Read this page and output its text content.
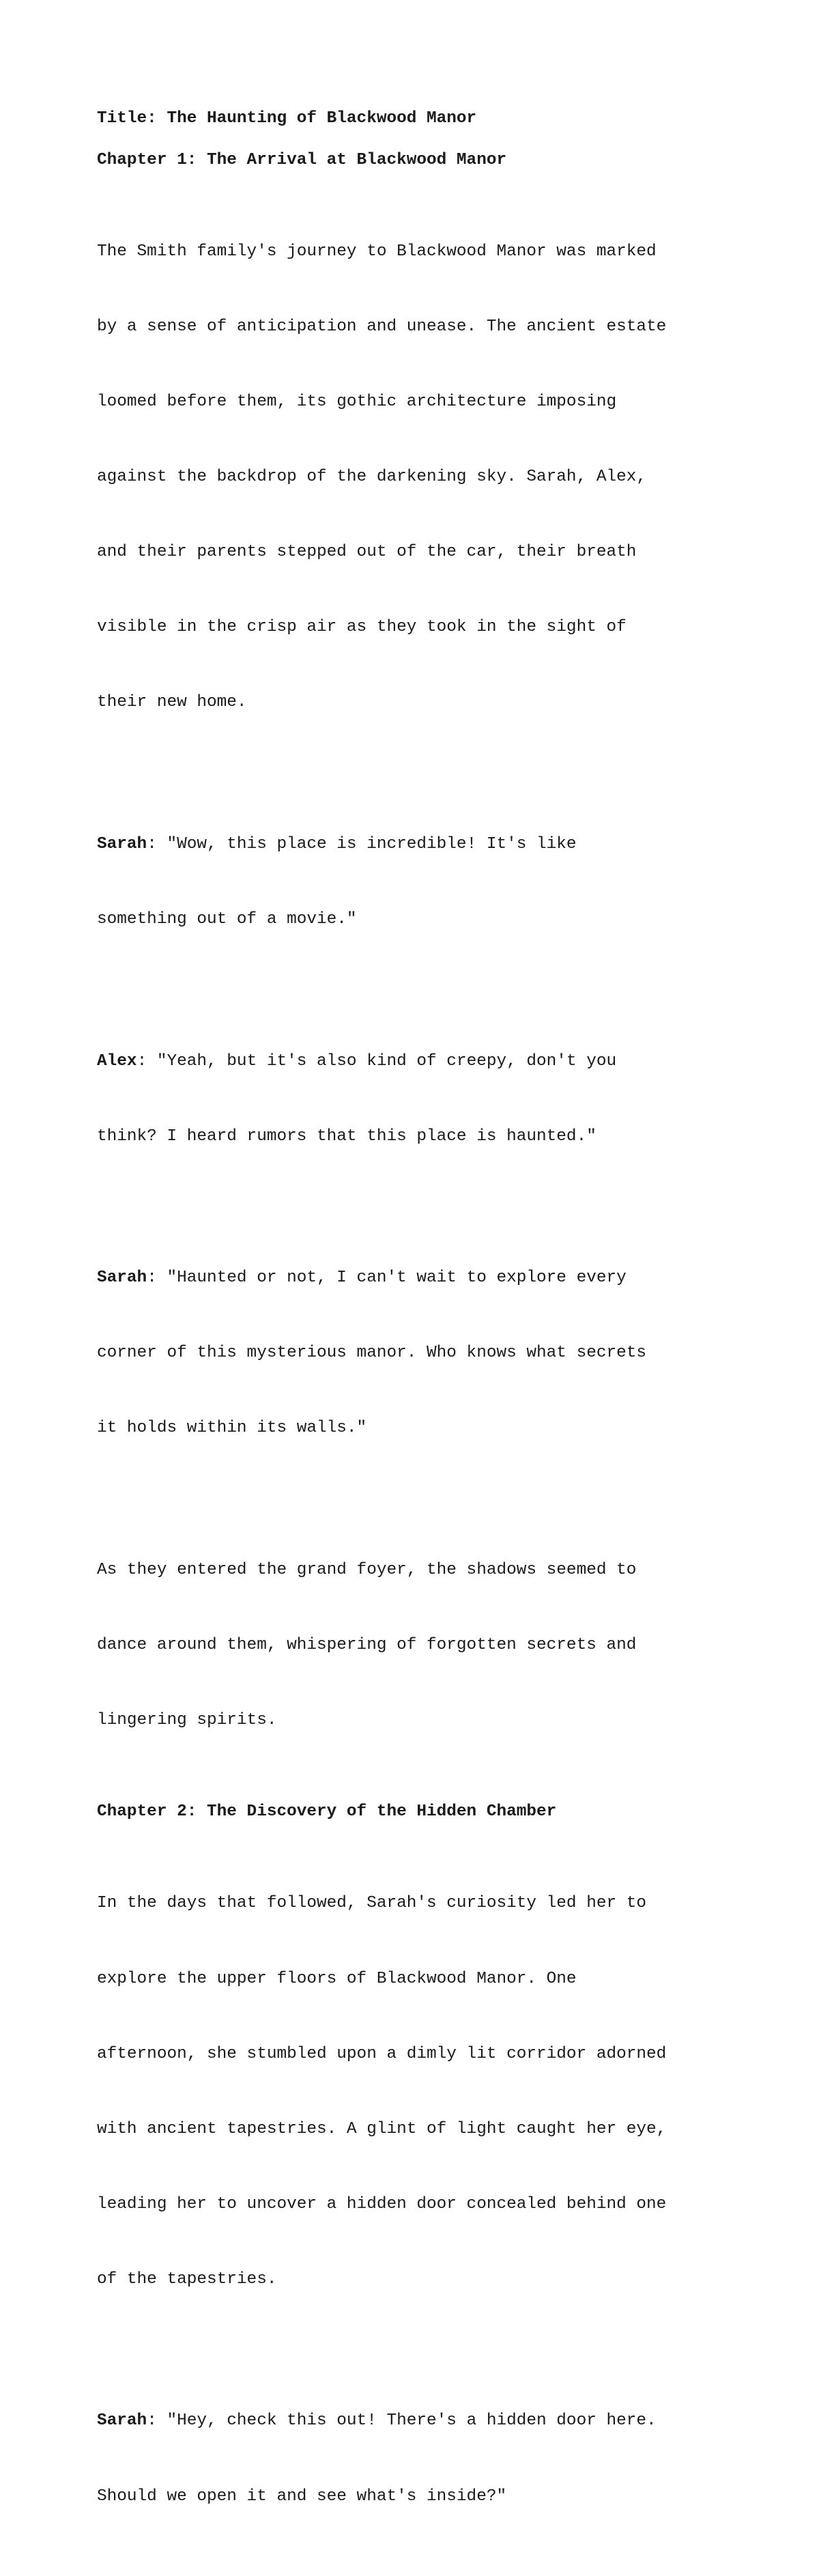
Title: The Haunting of Blackwood Manor
Chapter 1: The Arrival at Blackwood Manor

The Smith family's journey to Blackwood Manor was marked

by a sense of anticipation and unease. The ancient estate

loomed before them, its gothic architecture imposing

against the backdrop of the darkening sky. Sarah, Alex,

and their parents stepped out of the car, their breath

visible in the crisp air as they took in the sight of

their new home.

Sarah: "Wow, this place is incredible! It's like

something out of a movie."

Alex: "Yeah, but it's also kind of creepy, don't you

think? I heard rumors that this place is haunted."

Sarah: "Haunted or not, I can't wait to explore every

corner of this mysterious manor. Who knows what secrets

it holds within its walls."

As they entered the grand foyer, the shadows seemed to

dance around them, whispering of forgotten secrets and

lingering spirits.

Chapter 2: The Discovery of the Hidden Chamber

In the days that followed, Sarah's curiosity led her to

explore the upper floors of Blackwood Manor. One

afternoon, she stumbled upon a dimly lit corridor adorned

with ancient tapestries. A glint of light caught her eye,

leading her to uncover a hidden door concealed behind one

of the tapestries.

Sarah: "Hey, check this out! There's a hidden door here.

Should we open it and see what's inside?"
